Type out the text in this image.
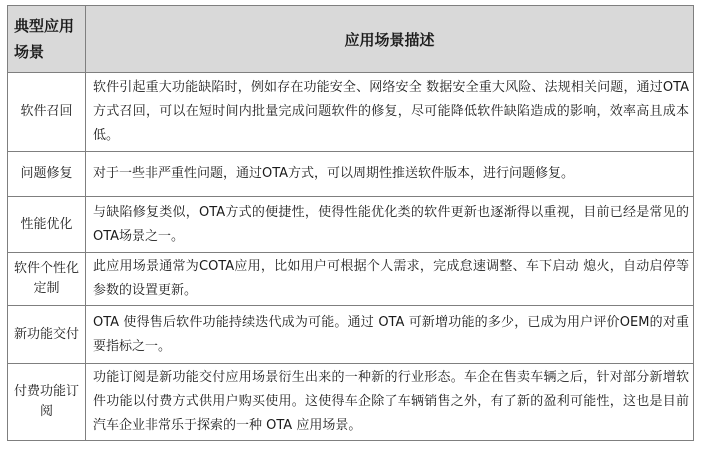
典型应用场景	应用场景描述
软件召回	软件引起重大功能缺陷时，例如存在功能安全、网络安全 数据安全重大风险、法规相关问题，通过OTA方式召回，可以在短时间内批量完成问题软件的修复，尽可能降低软件缺陷造成的影响，效率高且成本低。
问题修复	对于一些非严重性问题，通过OTA方式，可以周期性推送软件版本，进行问题修复。
性能优化	与缺陷修复类似，OTA方式的便捷性，使得性能优化类的软件更新也逐渐得以重视，目前已经是常见的OTA场景之一。
软件个性化定制	此应用场景通常为COTA应用，比如用户可根据个人需求，完成怠速调整、车下启动 熄火，自动启停等参数的设置更新。
新功能交付	OTA 使得售后软件功能持续迭代成为可能。通过 OTA 可新增功能的多少，已成为用户评价OEM的对重要指标之一。
付费功能订阅	功能订阅是新功能交付应用场景衍生出来的一种新的行业形态。车企在售卖车辆之后，针对部分新增软件功能以付费方式供用户购买使用。这使得车企除了车辆销售之外，有了新的盈利可能性，这也是目前汽车企业非常乐于探索的一种 OTA 应用场景。
